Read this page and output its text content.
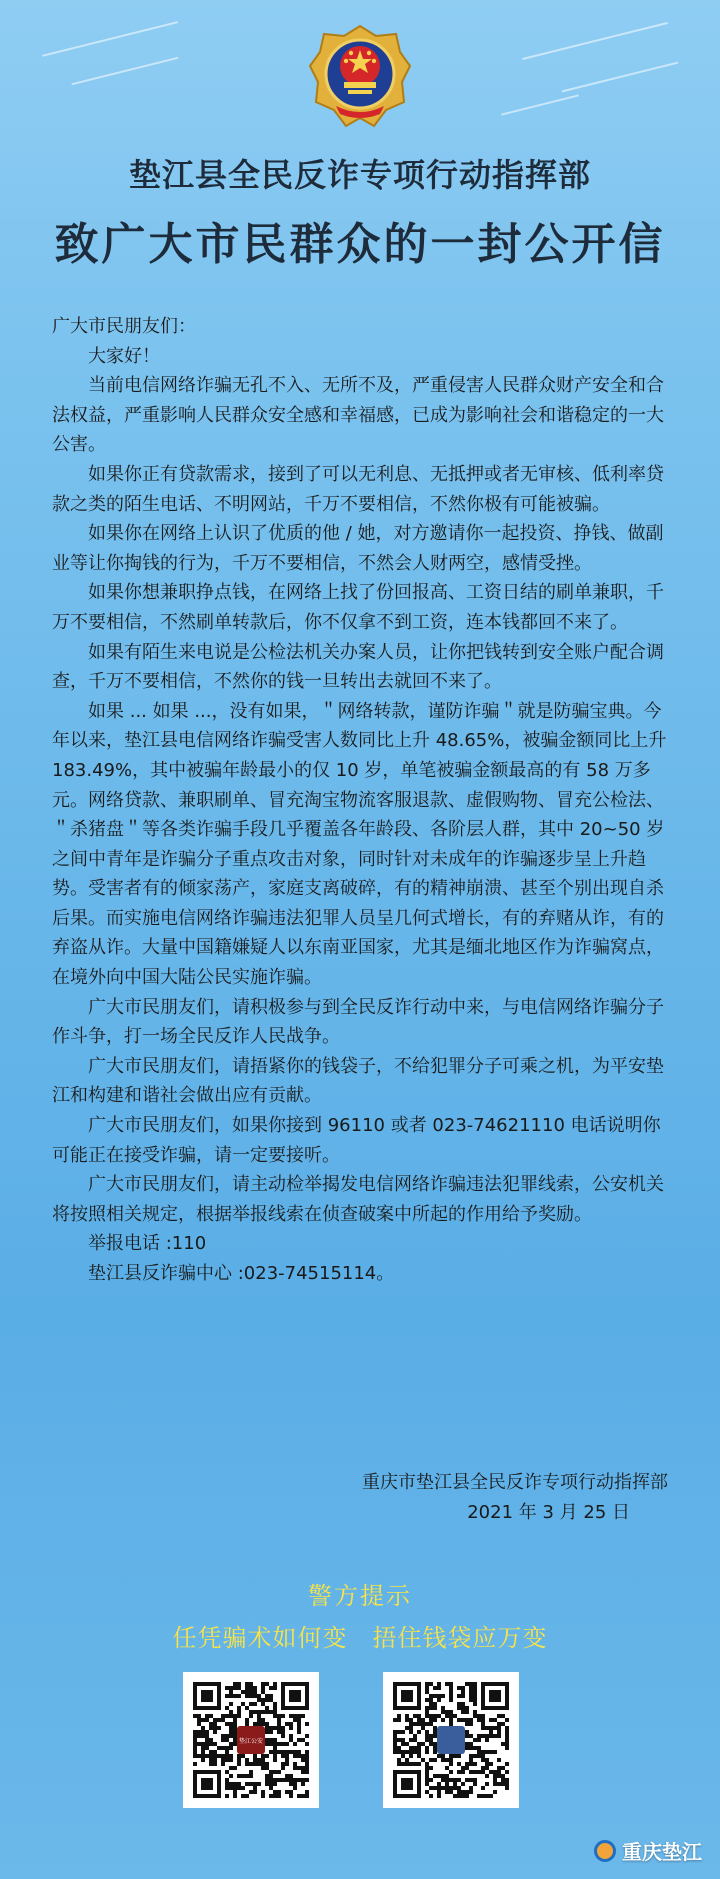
垫江县全民反诈专项行动指挥部
致广大市民群众的一封公开信

广大市民朋友们：

大家好！

当前电信网络诈骗无孔不入、无所不及，严重侵害人民群众财产安全和合法权益，严重影响人民群众安全感和幸福感，已成为影响社会和谐稳定的一大公害。

如果你正有贷款需求，接到了可以无利息、无抵押或者无审核、低利率贷款之类的陌生电话、不明网站，千万不要相信，不然你极有可能被骗。

如果你在网络上认识了优质的他 / 她，对方邀请你一起投资、挣钱、做副业等让你掏钱的行为，千万不要相信，不然会人财两空，感情受挫。

如果你想兼职挣点钱，在网络上找了份回报高、工资日结的刷单兼职，千万不要相信，不然刷单转款后，你不仅拿不到工资，连本钱都回不来了。

如果有陌生来电说是公检法机关办案人员，让你把钱转到安全账户配合调查，千万不要相信，不然你的钱一旦转出去就回不来了。

如果 ... 如果 ...，没有如果，＂网络转款，谨防诈骗＂就是防骗宝典。今年以来，垫江县电信网络诈骗受害人数同比上升 48.65%，被骗金额同比上升 183.49%，其中被骗年龄最小的仅 10 岁，单笔被骗金额最高的有 58 万多元。网络贷款、兼职刷单、冒充淘宝物流客服退款、虚假购物、冒充公检法、＂杀猪盘＂等各类诈骗手段几乎覆盖各年龄段、各阶层人群，其中 20~50 岁之间中青年是诈骗分子重点攻击对象，同时针对未成年的诈骗逐步呈上升趋势。受害者有的倾家荡产，家庭支离破碎，有的精神崩溃、甚至个别出现自杀后果。而实施电信网络诈骗违法犯罪人员呈几何式增长，有的弃赌从诈，有的弃盗从诈。大量中国籍嫌疑人以东南亚国家，尤其是缅北地区作为诈骗窝点，在境外向中国大陆公民实施诈骗。

广大市民朋友们，请积极参与到全民反诈行动中来，与电信网络诈骗分子作斗争，打一场全民反诈人民战争。

广大市民朋友们，请捂紧你的钱袋子，不给犯罪分子可乘之机，为平安垫江和构建和谐社会做出应有贡献。

广大市民朋友们，如果你接到 96110 或者 023-74621110 电话说明你可能正在接受诈骗，请一定要接听。

广大市民朋友们，请主动检举揭发电信网络诈骗违法犯罪线索，公安机关将按照相关规定，根据举报线索在侦查破案中所起的作用给予奖励。

举报电话 :110

垫江县反诈骗中心 :023-74515114。

重庆市垫江县全民反诈专项行动指挥部
2021 年 3 月 25 日
警方提示
任凭骗术如何变　捂住钱袋应万变
垫江公安
重庆垫江
